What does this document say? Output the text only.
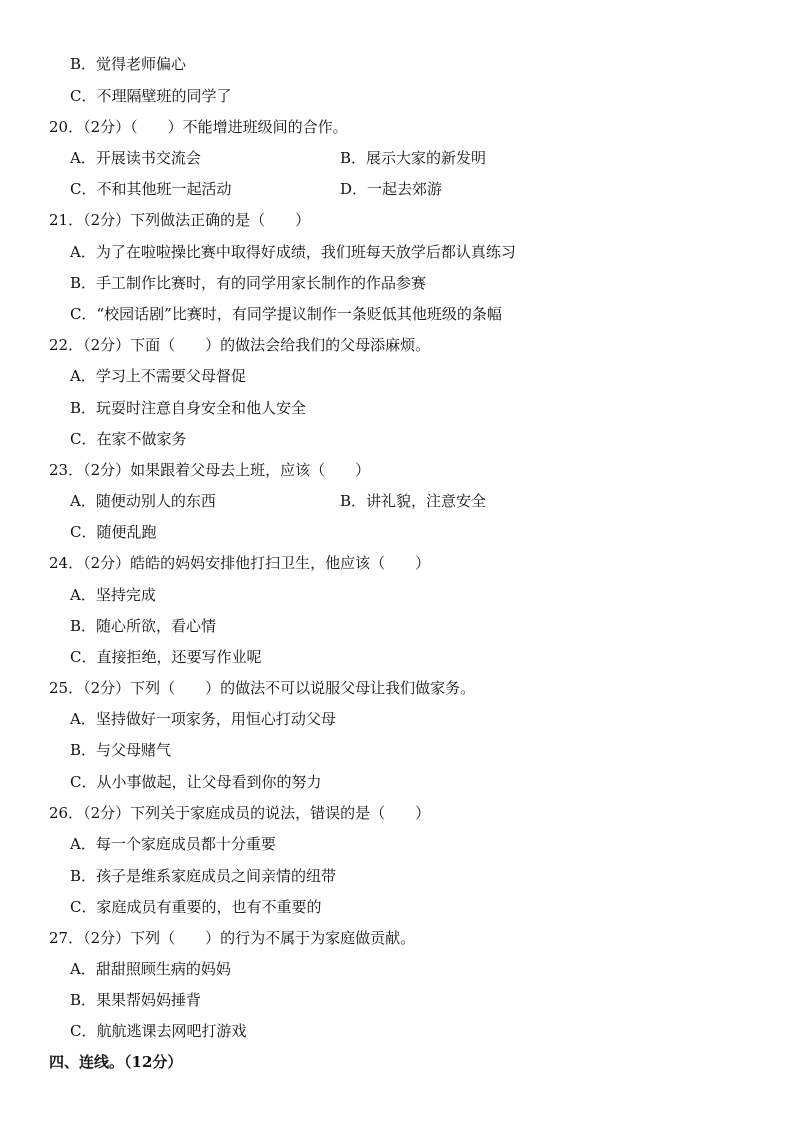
B．觉得老师偏心
C．不理隔壁班的同学了
20．（2分）（　　）不能增进班级间的合作。
A．开展读书交流会	B．展示大家的新发明
C．不和其他班一起活动	D．一起去郊游
21．（2分）下列做法正确的是（　　）
A．为了在啦啦操比赛中取得好成绩，我们班每天放学后都认真练习
B．手工制作比赛时，有的同学用家长制作的作品参赛
C．“校园话剧”比赛时，有同学提议制作一条贬低其他班级的条幅
22．（2分）下面（　　）的做法会给我们的父母添麻烦。
A．学习上不需要父母督促
B．玩耍时注意自身安全和他人安全
C．在家不做家务
23．（2分）如果跟着父母去上班，应该（　　）
A．随便动别人的东西	B．讲礼貌，注意安全
C．随便乱跑
24．（2分）皓皓的妈妈安排他打扫卫生，他应该（　　）
A．坚持完成
B．随心所欲，看心情
C．直接拒绝，还要写作业呢
25．（2分）下列（　　）的做法不可以说服父母让我们做家务。
A．坚持做好一项家务，用恒心打动父母
B．与父母赌气
C．从小事做起，让父母看到你的努力
26．（2分）下列关于家庭成员的说法，错误的是（　　）
A．每一个家庭成员都十分重要
B．孩子是维系家庭成员之间亲情的纽带
C．家庭成员有重要的，也有不重要的
27．（2分）下列（　　）的行为不属于为家庭做贡献。
A．甜甜照顾生病的妈妈
B．果果帮妈妈捶背
C．航航逃课去网吧打游戏
四、连线。（12分）
